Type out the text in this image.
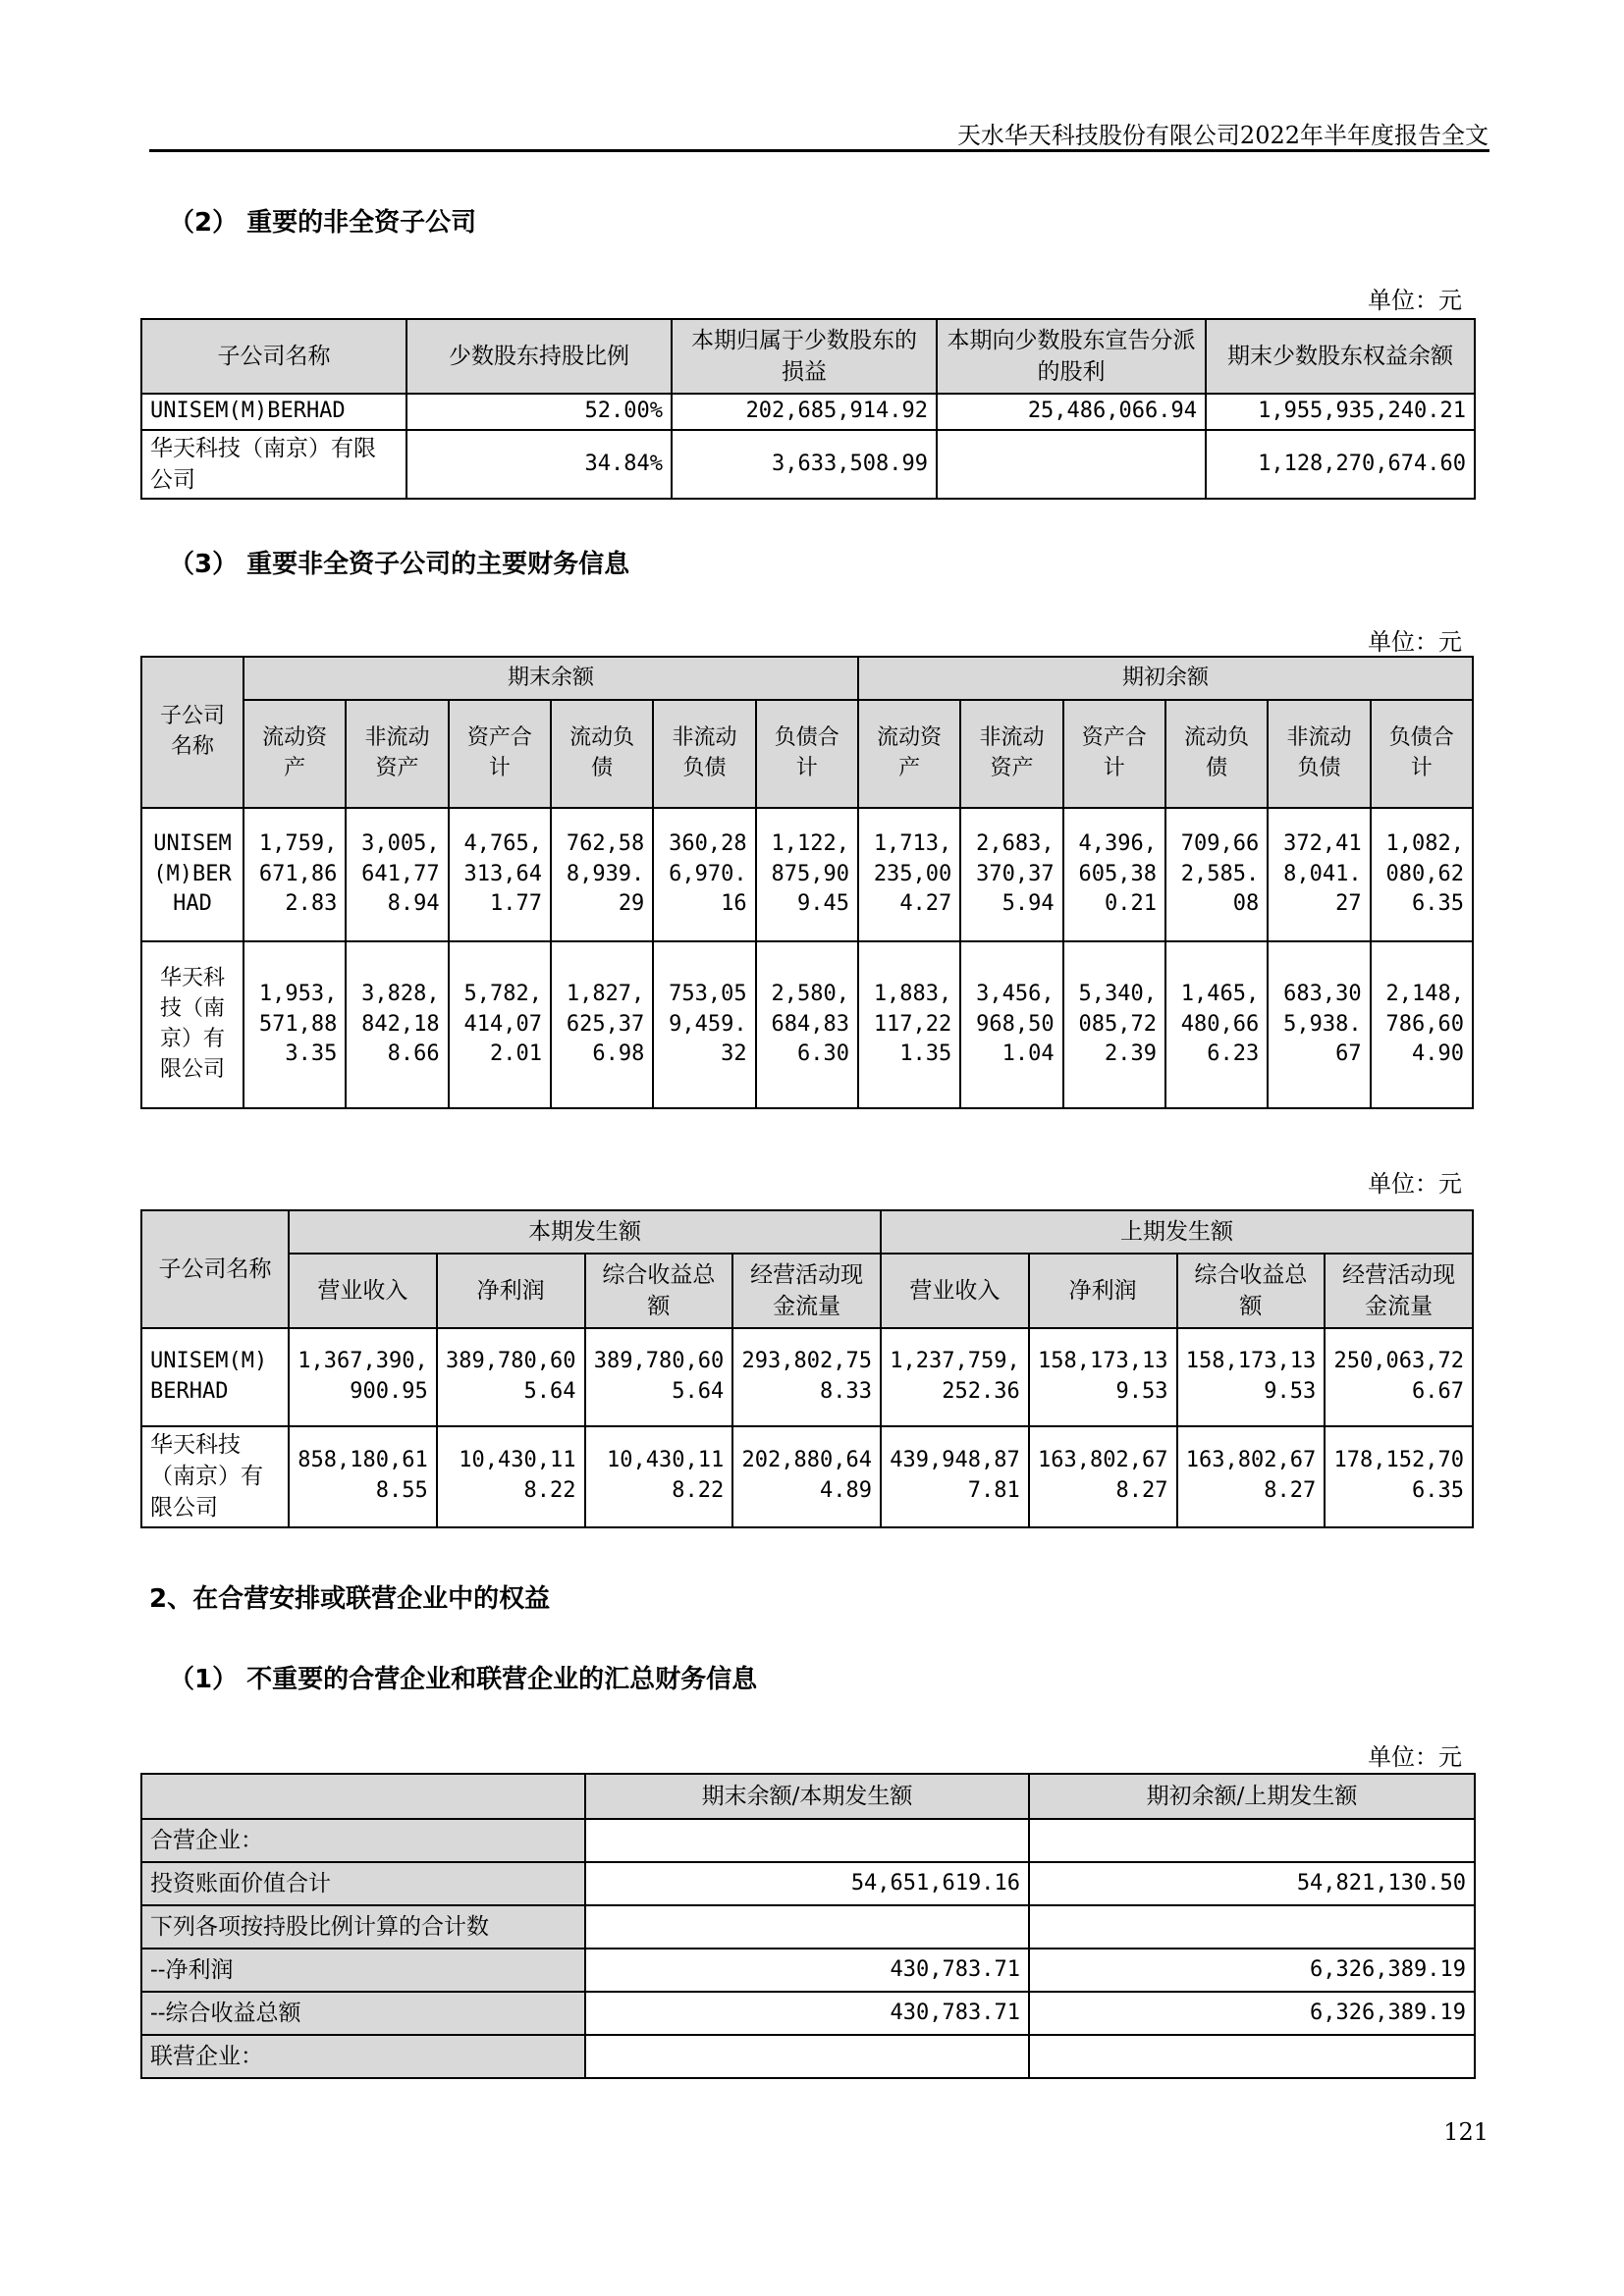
天水华天科技股份有限公司2022年半年度报告全文
（2） 重要的非全资子公司
单位：元
子公司名称	少数股东持股比例	本期归属于少数股东的损益	本期向少数股东宣告分派的股利	期末少数股东权益余额
UNISEM(M)BERHAD	52.00%	202,685,914.92	25,486,066.94	1,955,935,240.21
华天科技（南京）有限公司	34.84%	3,633,508.99		1,128,270,674.60
（3） 重要非全资子公司的主要财务信息
单位：元
子公司名称	期末余额						期初余额					
	流动资产	非流动资产	资产合计	流动负债	非流动负债	负债合计	流动资产	非流动资产	资产合计	流动负债	非流动负债	负债合计
UNISEM(M)BERHAD	1,759,671,862.83	3,005,641,778.94	4,765,313,641.77	762,588,939.29	360,286,970.16	1,122,875,909.45	1,713,235,004.27	2,683,370,375.94	4,396,605,380.21	709,662,585.08	372,418,041.27	1,082,080,626.35
华天科技（南京）有限公司	1,953,571,883.35	3,828,842,188.66	5,782,414,072.01	1,827,625,376.98	753,059,459.32	2,580,684,836.30	1,883,117,221.35	3,456,968,501.04	5,340,085,722.39	1,465,480,666.23	683,305,938.67	2,148,786,604.90
单位：元
子公司名称	本期发生额				上期发生额			
	营业收入	净利润	综合收益总额	经营活动现金流量	营业收入	净利润	综合收益总额	经营活动现金流量
UNISEM(M)BERHAD	1,367,390,900.95	389,780,605.64	389,780,605.64	293,802,758.33	1,237,759,252.36	158,173,139.53	158,173,139.53	250,063,726.67
华天科技（南京）有限公司	858,180,618.55	10,430,118.22	10,430,118.22	202,880,644.89	439,948,877.81	163,802,678.27	163,802,678.27	178,152,706.35
2、在合营安排或联营企业中的权益
（1） 不重要的合营企业和联营企业的汇总财务信息
单位：元
	期末余额/本期发生额	期初余额/上期发生额
合营企业：		
投资账面价值合计	54,651,619.16	54,821,130.50
下列各项按持股比例计算的合计数		
--净利润	430,783.71	6,326,389.19
--综合收益总额	430,783.71	6,326,389.19
联营企业：		
121
